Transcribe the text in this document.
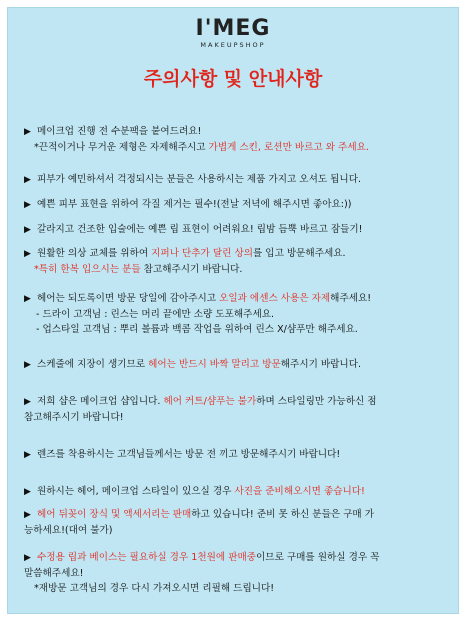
I'MEG
MAKEUPSHOP
주의사항 및 안내사항
▶ 메이크업 진행 전 수분팩을 붙여드려요!
*끈적이거나 무거운 제형은 자제해주시고 가볍게 스킨, 로션만 바르고 와 주세요.
▶ 피부가 예민하셔서 걱정되시는 분들은 사용하시는 제품 가지고 오셔도 됩니다.
▶ 예쁜 피부 표현을 위하여 각질 제거는 필수!(전날 저녁에 해주시면 좋아요:))
▶ 갈라지고 건조한 입술에는 예쁜 립 표현이 어려워요! 립밤 듬뿍 바르고 잠들기!
▶ 원활한 의상 교체를 위하여 지퍼나 단추가 달린 상의를 입고 방문해주세요.
*특히 한복 입으시는 분들 참고해주시기 바랍니다.
▶ 헤어는 되도록이면 방문 당일에 감아주시고 오일과 에센스 사용은 자제해주세요!
- 드라이 고객님 : 린스는 머리 끝에만 소량 도포해주세요.
- 업스타일 고객님 : 뿌리 볼륨과 백콤 작업을 위하여 린스 X/샴푸만 해주세요.
▶ 스케줄에 지장이 생기므로 헤어는 반드시 바짝 말리고 방문해주시기 바랍니다.
▶ 저희 샵은 메이크업 샵입니다. 헤어 커트/샴푸는 불가하며 스타일링만 가능하신 점
참고해주시기 바랍니다!
▶ 렌즈를 착용하시는 고객님들께서는 방문 전 끼고 방문해주시기 바랍니다!
▶ 원하시는 헤어, 메이크업 스타일이 있으실 경우 사진을 준비해오시면 좋습니다!
▶ 헤어 뒤꽂이 장식 및 액세서리는 판매하고 있습니다! 준비 못 하신 분들은 구매 가
능하세요!(대여 불가)
▶ 수정용 립과 베이스는 필요하실 경우 1천원에 판매중이므로 구매를 원하실 경우 꼭
말씀해주세요!
*재방문 고객님의 경우 다시 가져오시면 리필해 드립니다!
